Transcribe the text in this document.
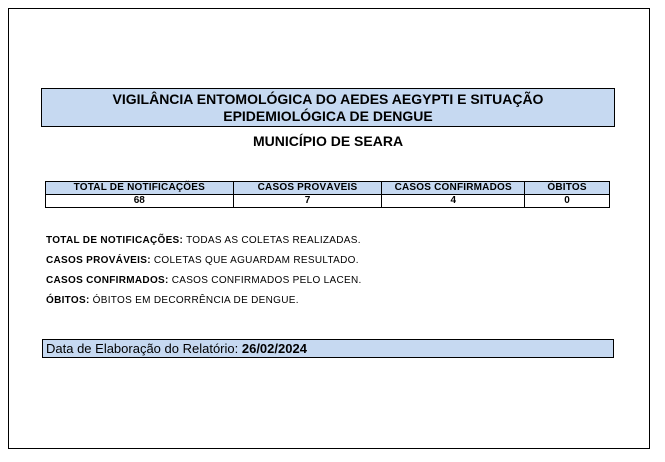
VIGILÂNCIA ENTOMOLÓGICA DO AEDES AEGYPTI E SITUAÇÃO
EPIDEMIOLÓGICA DE DENGUE
MUNICÍPIO DE SEARA
TOTAL DE NOTIFICAÇÕES	CASOS PROVÁVEIS	CASOS CONFIRMADOS	ÓBITOS
68	7	4	0
TOTAL DE NOTIFICAÇÕES: TODAS AS COLETAS REALIZADAS.
CASOS PROVÁVEIS: COLETAS QUE AGUARDAM RESULTADO.
CASOS CONFIRMADOS: CASOS CONFIRMADOS PELO LACEN.
ÓBITOS: ÓBITOS EM DECORRÊNCIA DE DENGUE.
Data de Elaboração do Relatório: 26/02/2024
